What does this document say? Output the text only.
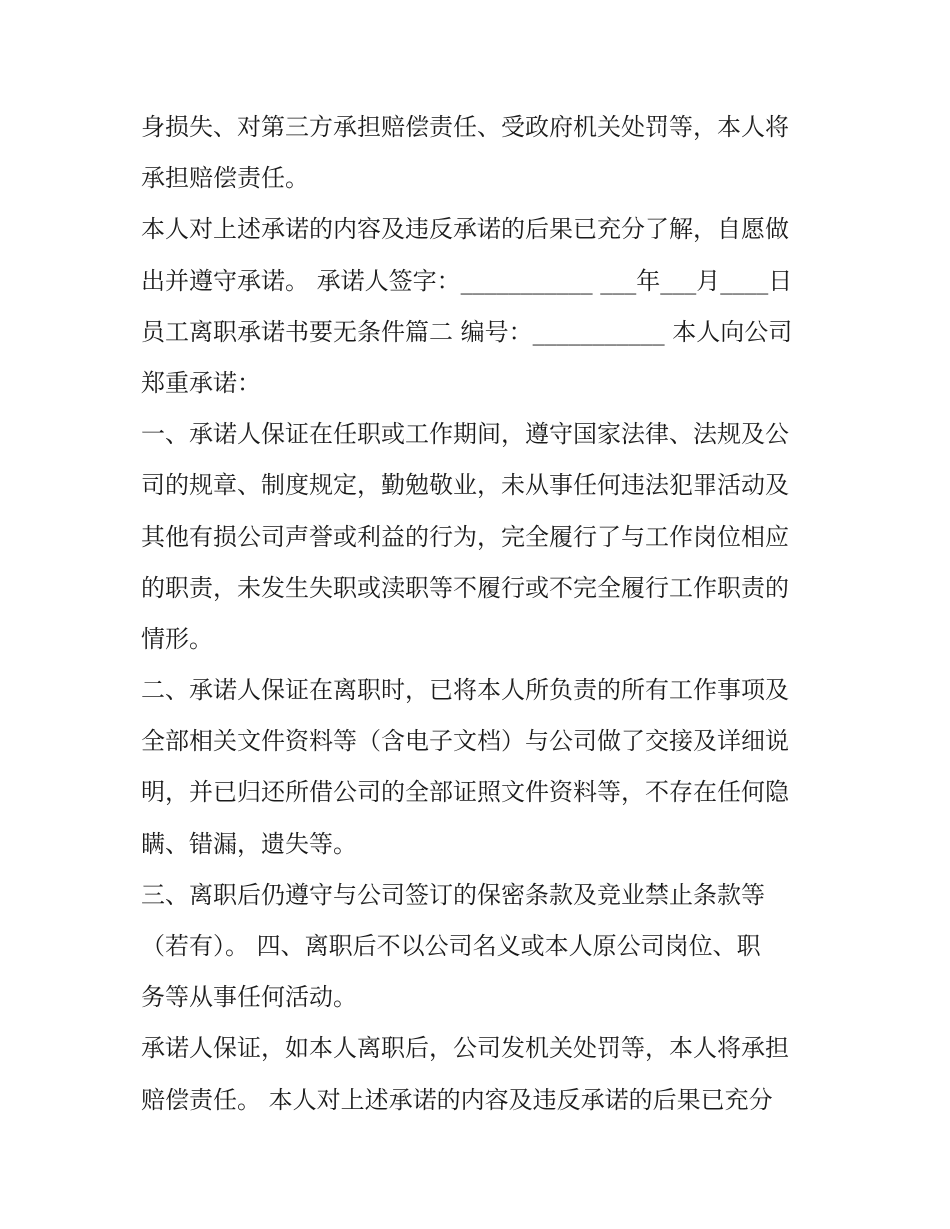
身损失、对第三方承担赔偿责任、受政府机关处罚等，本人将
承担赔偿责任。
本人对上述承诺的内容及违反承诺的后果已充分了解，自愿做
出并遵守承诺。 承诺人签字：___________ ___年___月____日
员工离职承诺书要无条件篇二 编号：___________ 本人向公司
郑重承诺：
一、承诺人保证在任职或工作期间，遵守国家法律、法规及公
司的规章、制度规定，勤勉敬业，未从事任何违法犯罪活动及
其他有损公司声誉或利益的行为，完全履行了与工作岗位相应
的职责，未发生失职或渎职等不履行或不完全履行工作职责的
情形。
二、承诺人保证在离职时，已将本人所负责的所有工作事项及
全部相关文件资料等（含电子文档）与公司做了交接及详细说
明，并已归还所借公司的全部证照文件资料等，不存在任何隐
瞒、错漏，遗失等。
三、离职后仍遵守与公司签订的保密条款及竞业禁止条款等
（若有）。 四、离职后不以公司名义或本人原公司岗位、职
务等从事任何活动。
承诺人保证，如本人离职后，公司发机关处罚等，本人将承担
赔偿责任。 本人对上述承诺的内容及违反承诺的后果已充分
